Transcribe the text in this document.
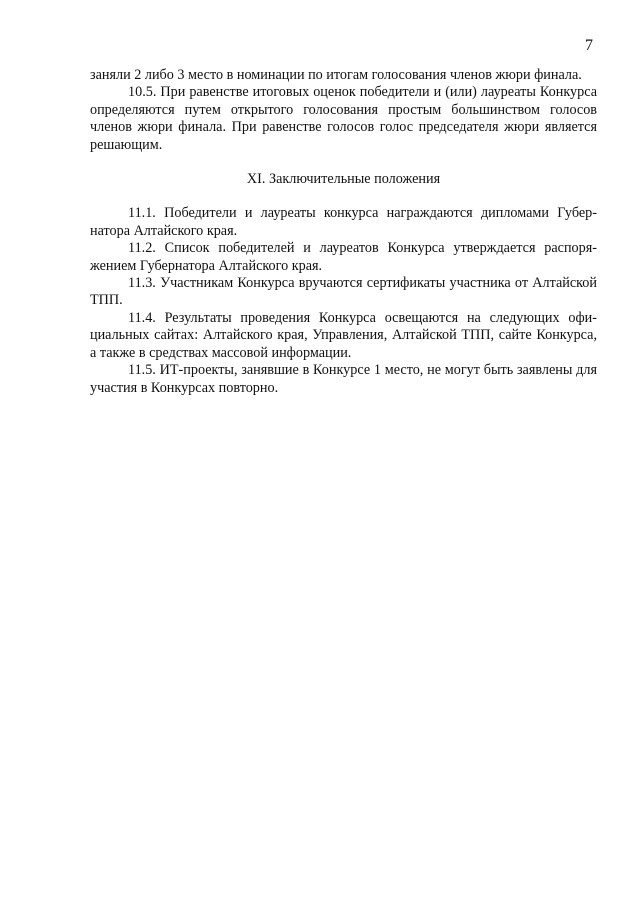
7

заняли 2 либо 3 место в номинации по итогам голосования членов жюри финала.

10.5. При равенстве итоговых оценок победители и (или) лауреаты Конкурса определяются путем открытого голосования простым большинством голосов членов жюри финала. При равенстве голосов голос председателя жюри является решающим.

XI. Заключительные положения

11.1. Победители и лауреаты конкурса награждаются дипломами Губернатора Алтайского края.

11.2. Список победителей и лауреатов Конкурса утверждается распоряжением Губернатора Алтайского края.

11.3. Участникам Конкурса вручаются сертификаты участника от Алтайской ТПП.

11.4. Результаты проведения Конкурса освещаются на следующих официальных сайтах: Алтайского края, Управления, Алтайской ТПП, сайте Конкурса, а также в средствах массовой информации.

11.5. ИТ-проекты, занявшие в Конкурсе 1 место, не могут быть заявлены для участия в Конкурсах повторно.
